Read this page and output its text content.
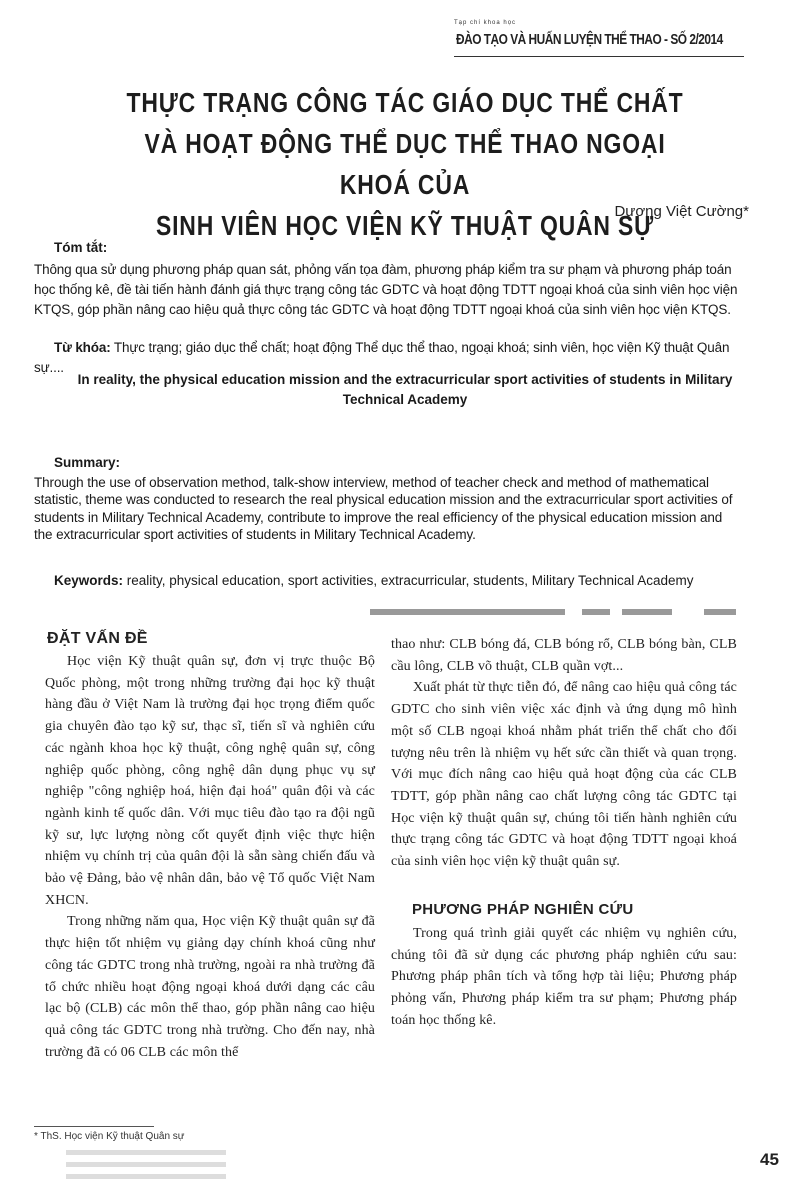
Tạp chí khoa học
ĐÀO TẠO VÀ HUẤN LUYỆN THỂ THAO - SỐ 2/2014
THỰC TRẠNG CÔNG TÁC GIÁO DỤC THỂ CHẤT
VÀ HOẠT ĐỘNG THỂ DỤC THỂ THAO NGOẠI KHOÁ CỦA
SINH VIÊN HỌC VIỆN KỸ THUẬT QUÂN SỰ
Dương Việt Cường*
Tóm tắt:
Thông qua sử dụng phương pháp quan sát, phỏng vấn tọa đàm, phương pháp kiểm tra sư phạm và phương pháp toán học thống kê, đề tài tiến hành đánh giá thực trạng công tác GDTC và hoạt động TDTT ngoại khoá của sinh viên học viện KTQS, góp phần nâng cao hiệu quả thực công tác GDTC và hoạt động TDTT ngoại khoá của sinh viên học viện KTQS.
Từ khóa: Thực trạng; giáo dục thể chất; hoạt động Thể dục thể thao, ngoại khoá; sinh viên, học viện Kỹ thuật Quân sự....
In reality, the physical education mission and the extracurricular sport activities of students in Military Technical Academy
Summary:
Through the use of observation method, talk-show interview, method of teacher check and method of mathematical statistic, theme was conducted to research the real physical education mission and the extracurricular sport activities of students in Military Technical Academy, contribute to improve the real efficiency of the physical education mission and the extracurricular sport activities of students in Military Technical Academy.
Keywords: reality, physical education, sport activities, extracurricular, students, Military Technical Academy
ĐẶT VẤN ĐỀ

Học viện Kỹ thuật quân sự, đơn vị trực thuộc Bộ Quốc phòng, một trong những trường đại học kỹ thuật hàng đầu ở Việt Nam là trường đại học trọng điểm quốc gia chuyên đào tạo kỹ sư, thạc sĩ, tiến sĩ và nghiên cứu các ngành khoa học kỹ thuật, công nghệ quân sự, công nghiệp quốc phòng, công nghệ dân dụng phục vụ sự nghiệp "công nghiệp hoá, hiện đại hoá" quân đội và các ngành kinh tế quốc dân. Với mục tiêu đào tạo ra đội ngũ kỹ sư, lực lượng nòng cốt quyết định việc thực hiện nhiệm vụ chính trị của quân đội là sẵn sàng chiến đấu và bảo vệ Đảng, bảo vệ nhân dân, bảo vệ Tổ quốc Việt Nam XHCN.

Trong những năm qua, Học viện Kỹ thuật quân sự đã thực hiện tốt nhiệm vụ giảng dạy chính khoá cũng như công tác GDTC trong nhà trường, ngoài ra nhà trường đã tổ chức nhiều hoạt động ngoại khoá dưới dạng các câu lạc bộ (CLB) các môn thể thao, góp phần nâng cao hiệu quả công tác GDTC trong nhà trường. Cho đến nay, nhà trường đã có 06 CLB các môn thể

thao như: CLB bóng đá, CLB bóng rổ, CLB bóng bàn, CLB cầu lông, CLB võ thuật, CLB quần vợt...

Xuất phát từ thực tiễn đó, để nâng cao hiệu quả công tác GDTC cho sinh viên việc xác định và ứng dụng mô hình một số CLB ngoại khoá nhằm phát triển thể chất cho đối tượng nêu trên là nhiệm vụ hết sức cần thiết và quan trọng. Với mục đích nâng cao hiệu quả hoạt động của các CLB TDTT, góp phần nâng cao chất lượng công tác GDTC tại Học viện kỹ thuật quân sự, chúng tôi tiến hành nghiên cứu thực trạng công tác GDTC và hoạt động TDTT ngoại khoá của sinh viên học viện kỹ thuật quân sự.

PHƯƠNG PHÁP NGHIÊN CỨU

Trong quá trình giải quyết các nhiệm vụ nghiên cứu, chúng tôi đã sử dụng các phương pháp nghiên cứu sau: Phương pháp phân tích và tổng hợp tài liệu; Phương pháp phỏng vấn, Phương pháp kiểm tra sư phạm; Phương pháp toán học thống kê.

* ThS. Học viện Kỹ thuật Quân sự
45
